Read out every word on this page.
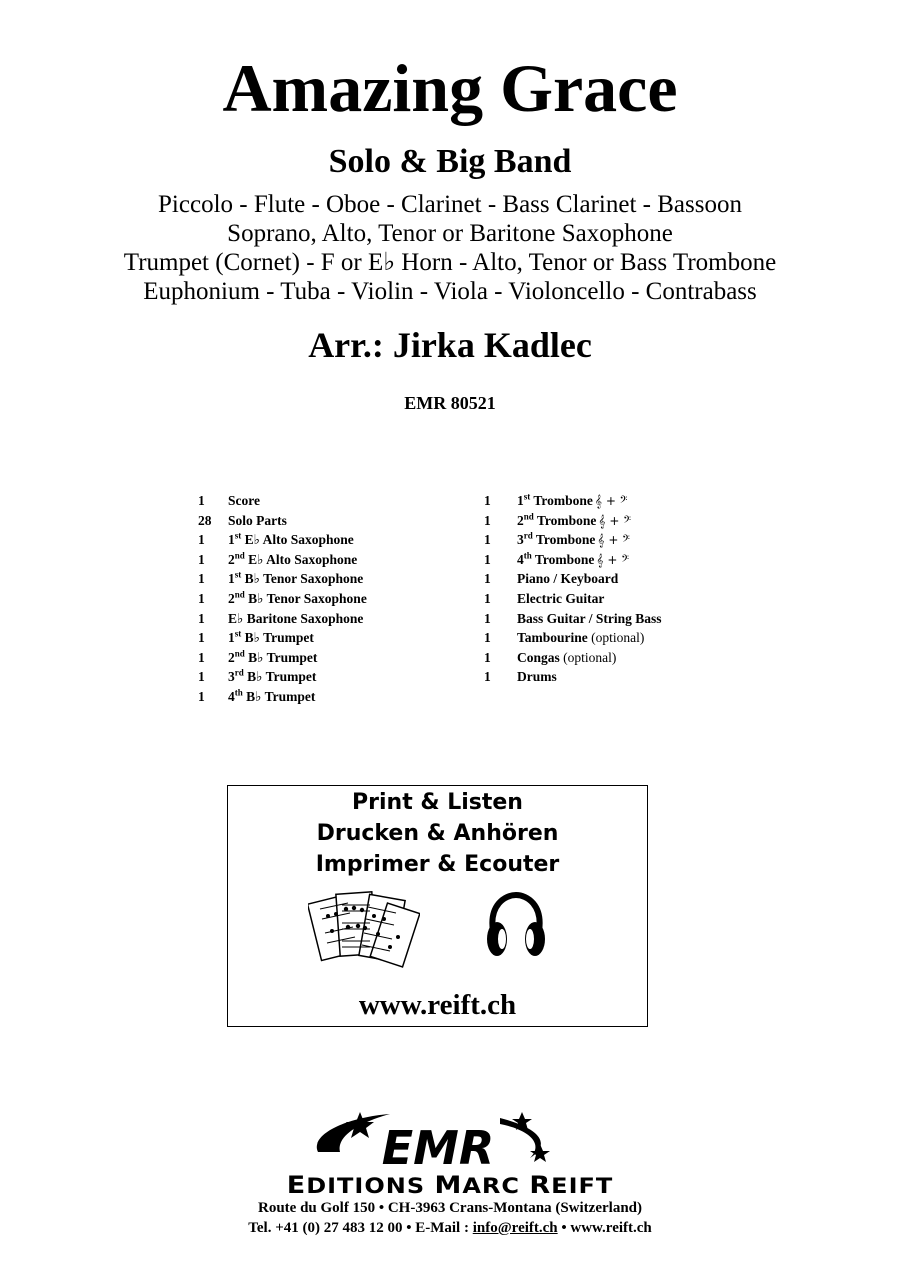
Amazing Grace
Solo & Big Band
Piccolo - Flute - Oboe - Clarinet - Bass Clarinet - Bassoon
Soprano, Alto, Tenor or Baritone Saxophone
Trumpet (Cornet) - F or E♭ Horn - Alto, Tenor or Bass Trombone
Euphonium - Tuba - Violin - Viola - Violoncello - Contrabass
Arr.: Jirka Kadlec
EMR 80521
1 Score
28 Solo Parts
1 1st E♭ Alto Saxophone
1 2nd E♭ Alto Saxophone
1 1st B♭ Tenor Saxophone
1 2nd B♭ Tenor Saxophone
1 E♭ Baritone Saxophone
1 1st B♭ Trumpet
1 2nd B♭ Trumpet
1 3rd B♭ Trumpet
1 4th B♭ Trumpet
1 1st Trombone 𝄞 + 𝄢
1 2nd Trombone 𝄞 + 𝄢
1 3rd Trombone 𝄞 + 𝄢
1 4th Trombone 𝄞 + 𝄢
1 Piano / Keyboard
1 Electric Guitar
1 Bass Guitar / String Bass
1 Tambourine (optional)
1 Congas (optional)
1 Drums
Print & Listen
Drucken & Anhören
Imprimer & Ecouter
www.reift.ch
EMR
EDITIONS MARC REIFT
Route du Golf 150 • CH-3963 Crans-Montana (Switzerland)
Tel. +41 (0) 27 483 12 00 • E-Mail : info@reift.ch • www.reift.ch
